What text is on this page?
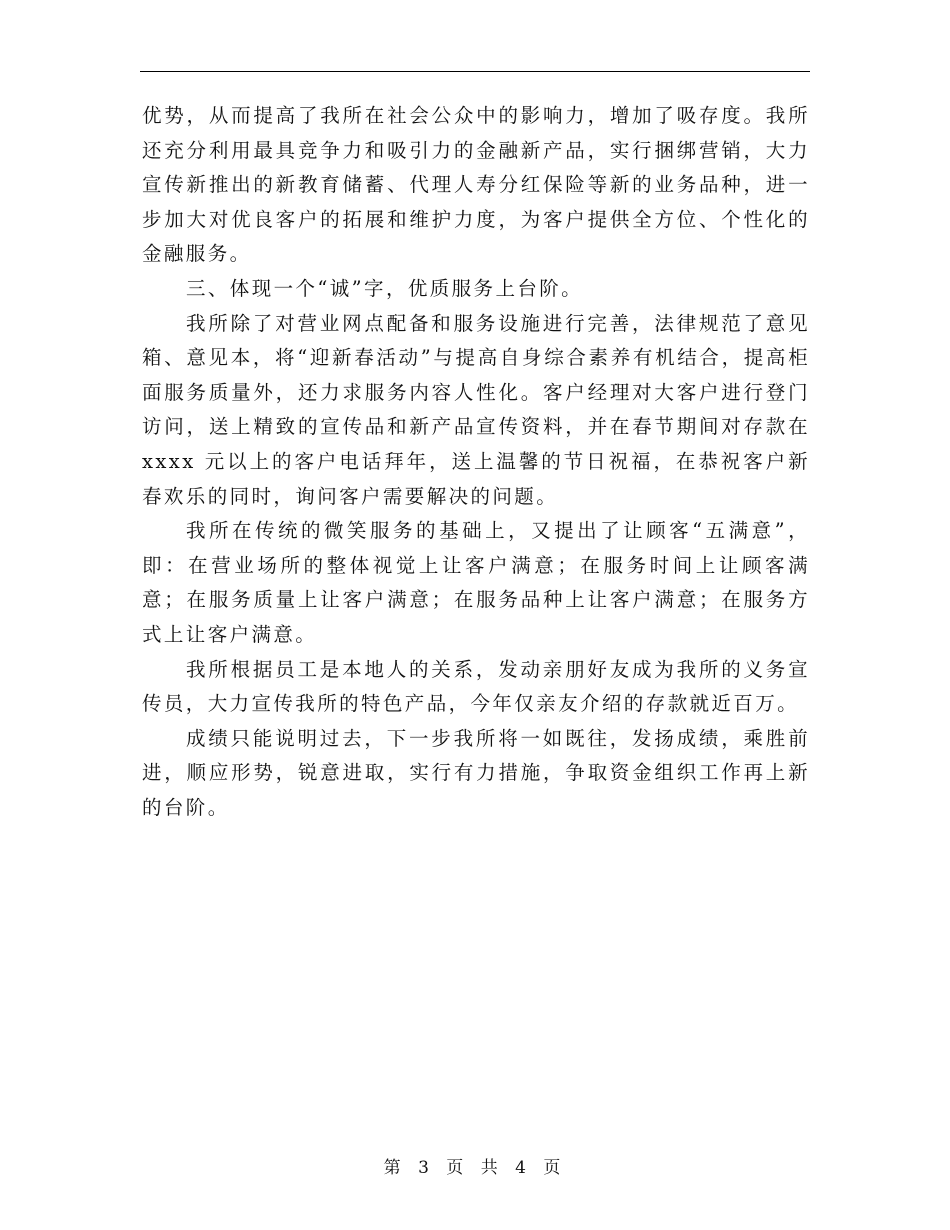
优势，从而提高了我所在社会公众中的影响力，增加了吸存度。我所还充分利用最具竞争力和吸引力的金融新产品，实行捆绑营销，大力宣传新推出的新教育储蓄、代理人寿分红保险等新的业务品种，进一步加大对优良客户的拓展和维护力度，为客户提供全方位、个性化的金融服务。

三、体现一个“诚”字，优质服务上台阶。

我所除了对营业网点配备和服务设施进行完善，法律规范了意见箱、意见本，将“迎新春活动”与提高自身综合素养有机结合，提高柜面服务质量外，还力求服务内容人性化。客户经理对大客户进行登门访问，送上精致的宣传品和新产品宣传资料，并在春节期间对存款在 xxxx 元以上的客户电话拜年，送上温馨的节日祝福，在恭祝客户新春欢乐的同时，询问客户需要解决的问题。

我所在传统的微笑服务的基础上，又提出了让顾客“五满意”，即：在营业场所的整体视觉上让客户满意；在服务时间上让顾客满意；在服务质量上让客户满意；在服务品种上让客户满意；在服务方式上让客户满意。

我所根据员工是本地人的关系，发动亲朋好友成为我所的义务宣传员，大力宣传我所的特色产品，今年仅亲友介绍的存款就近百万。

成绩只能说明过去，下一步我所将一如既往，发扬成绩，乘胜前进，顺应形势，锐意进取，实行有力措施，争取资金组织工作再上新的台阶。

第 3 页 共 4 页
